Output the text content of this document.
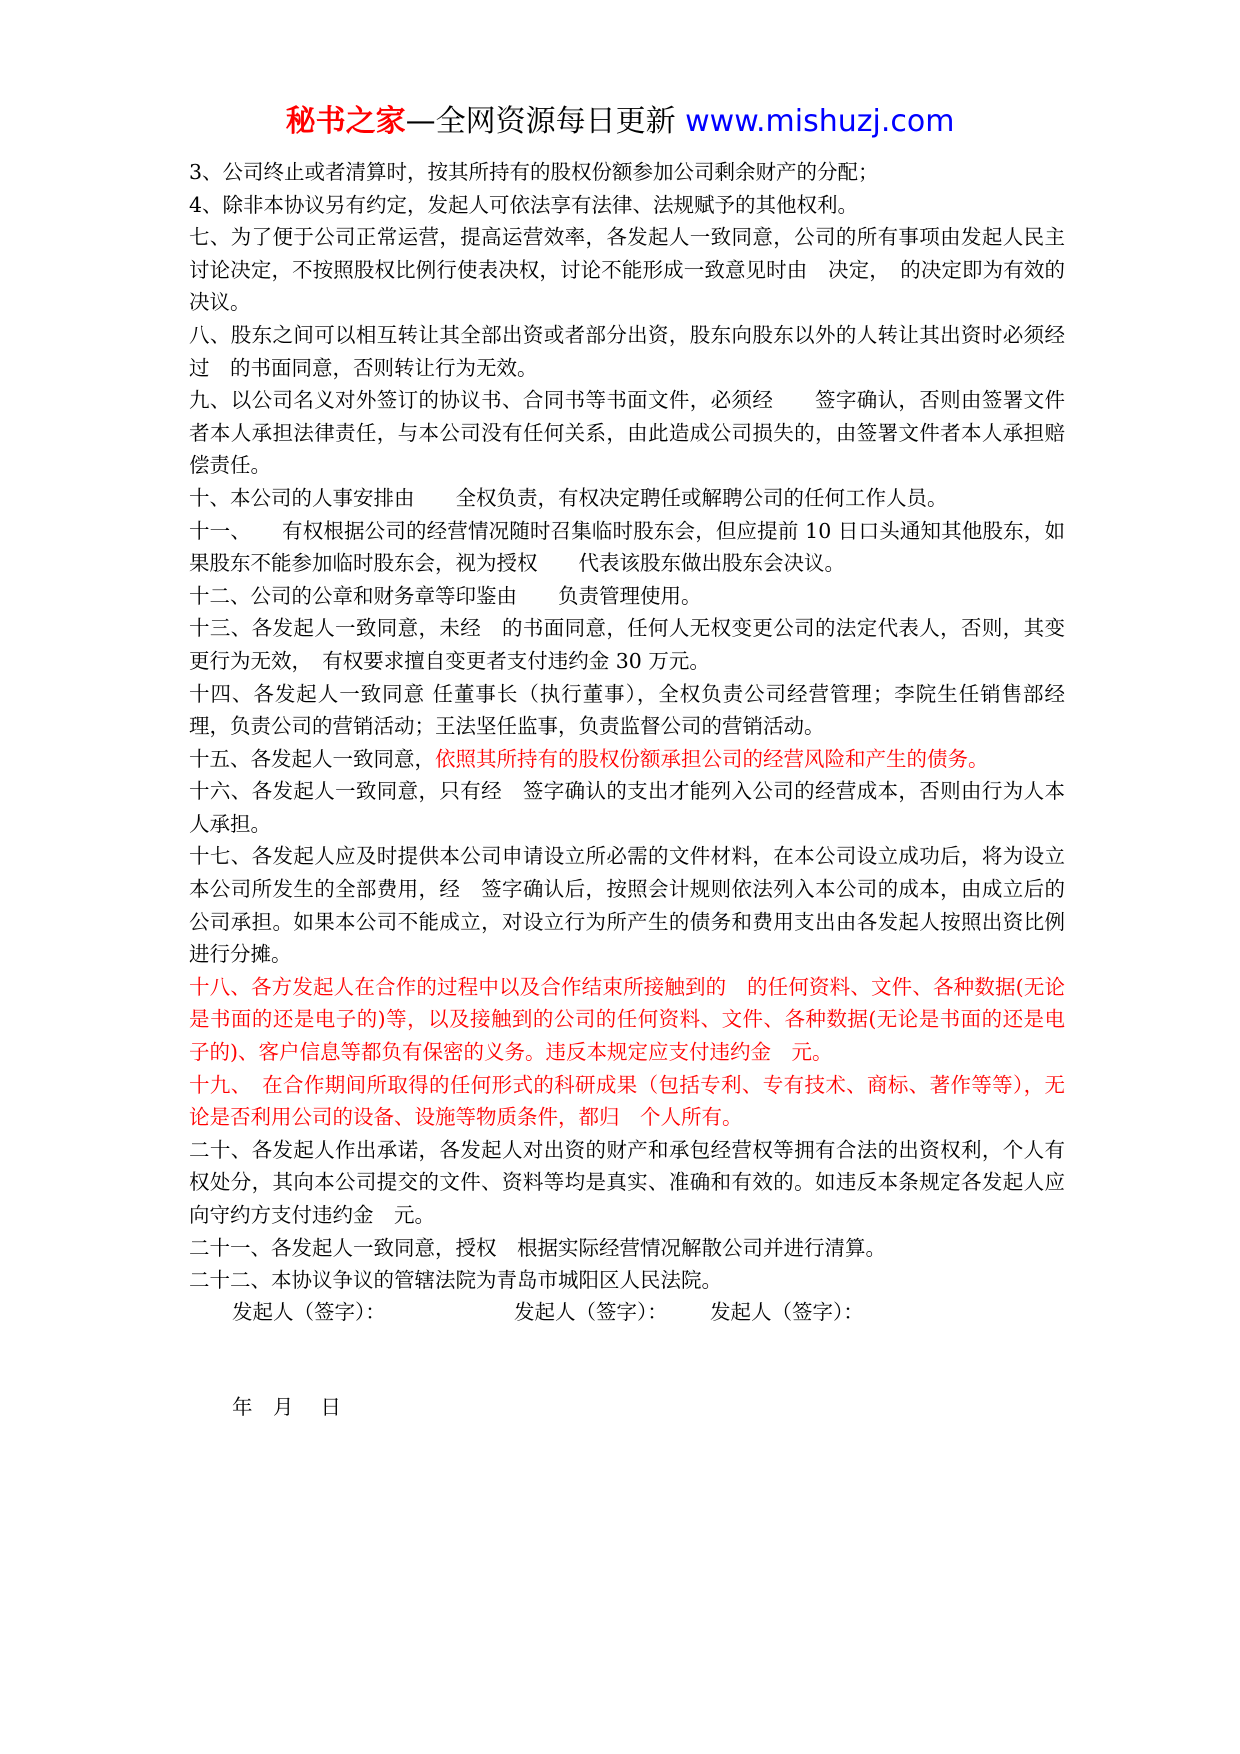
秘书之家—全网资源每日更新 www.mishuzj.com

3、公司终止或者清算时，按其所持有的股权份额参加公司剩余财产的分配；

4、除非本协议另有约定，发起人可依法享有法律、法规赋予的其他权利。

七、为了便于公司正常运营，提高运营效率，各发起人一致同意，公司的所有事项由发起人民主讨论决定，不按照股权比例行使表决权，讨论不能形成一致意见时由　决定，　的决定即为有效的决议。

八、股东之间可以相互转让其全部出资或者部分出资，股东向股东以外的人转让其出资时必须经过　的书面同意，否则转让行为无效。

九、以公司名义对外签订的协议书、合同书等书面文件，必须经　　签字确认，否则由签署文件者本人承担法律责任，与本公司没有任何关系，由此造成公司损失的，由签署文件者本人承担赔偿责任。

十、本公司的人事安排由　　全权负责，有权决定聘任或解聘公司的任何工作人员。

十一、　　有权根据公司的经营情况随时召集临时股东会，但应提前 10 日口头通知其他股东，如果股东不能参加临时股东会，视为授权　　代表该股东做出股东会决议。

十二、公司的公章和财务章等印鉴由　　负责管理使用。

十三、各发起人一致同意，未经　的书面同意，任何人无权变更公司的法定代表人，否则，其变更行为无效，　有权要求擅自变更者支付违约金 30 万元。

十四、各发起人一致同意 任董事长（执行董事），全权负责公司经营管理；李院生任销售部经理，负责公司的营销活动；王法坚任监事，负责监督公司的营销活动。

十五、各发起人一致同意，依照其所持有的股权份额承担公司的经营风险和产生的债务。

十六、各发起人一致同意，只有经　签字确认的支出才能列入公司的经营成本，否则由行为人本人承担。

十七、各发起人应及时提供本公司申请设立所必需的文件材料，在本公司设立成功后，将为设立本公司所发生的全部费用，经　签字确认后，按照会计规则依法列入本公司的成本，由成立后的公司承担。如果本公司不能成立，对设立行为所产生的债务和费用支出由各发起人按照出资比例进行分摊。

十八、各方发起人在合作的过程中以及合作结束所接触到的　的任何资料、文件、各种数据(无论是书面的还是电子的)等，以及接触到的公司的任何资料、文件、各种数据(无论是书面的还是电子的)、客户信息等都负有保密的义务。违反本规定应支付违约金　元。

十九、　在合作期间所取得的任何形式的科研成果（包括专利、专有技术、商标、著作等等），无论是否利用公司的设备、设施等物质条件，都归　个人所有。

二十、各发起人作出承诺，各发起人对出资的财产和承包经营权等拥有合法的出资权利，个人有权处分，其向本公司提交的文件、资料等均是真实、准确和有效的。如违反本条规定各发起人应向守约方支付违约金　元。

二十一、各发起人一致同意，授权　根据实际经营情况解散公司并进行清算。

二十二、本协议争议的管辖法院为青岛市城阳区人民法院。

发起人（签字）：	发起人（签字）： 发起人（签字）：
年　月　 日
